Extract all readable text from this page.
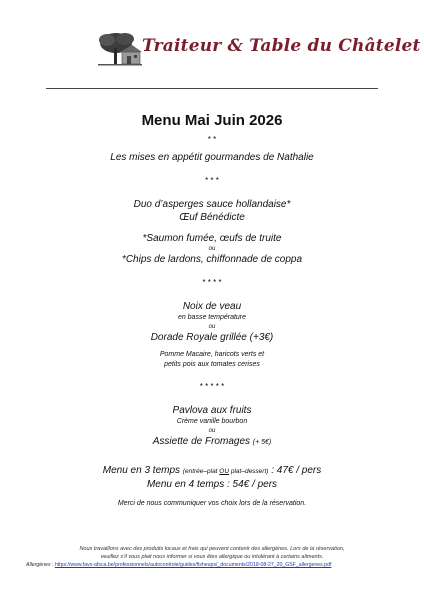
Traiteur & Table du Châtelet

Menu Mai Juin 2026

* *

Les mises en appétit gourmandes de Nathalie

* * *

Duo d’asperges sauce hollandaise*

Œuf Bénédicte

*Saumon fumée, œufs de truite

ou

*Chips de lardons, chiffonnade de coppa

* * * *

Noix de veau

en basse température

ou

Dorade Royale grillée (+3€)

Pomme Macaire, haricots verts et

petits pois aux tomates cerises

* * * * *

Pavlova aux fruits

Crème vanille bourbon

ou

Assiette de Fromages (+ 5€)

Menu en 3 temps (entrée–plat OU plat–dessert) : 47€ / pers

Menu en 4 temps : 54€ / pers

Merci de nous communiquer vos choix lors de la réservation.

Nous travaillons avec des produits locaux et frais qui peuvent contenir des allergènes. Lors de la réservation,

veuillez s’il vous plait nous informer si vous êtes allergique ou intolérant à certains aliments.

Allergènes : https://www.favv-afsca.be/professionnels/autocontrole/guides/fisheups/_documents/2018-08-27_20_GSF_allergenes.pdf
